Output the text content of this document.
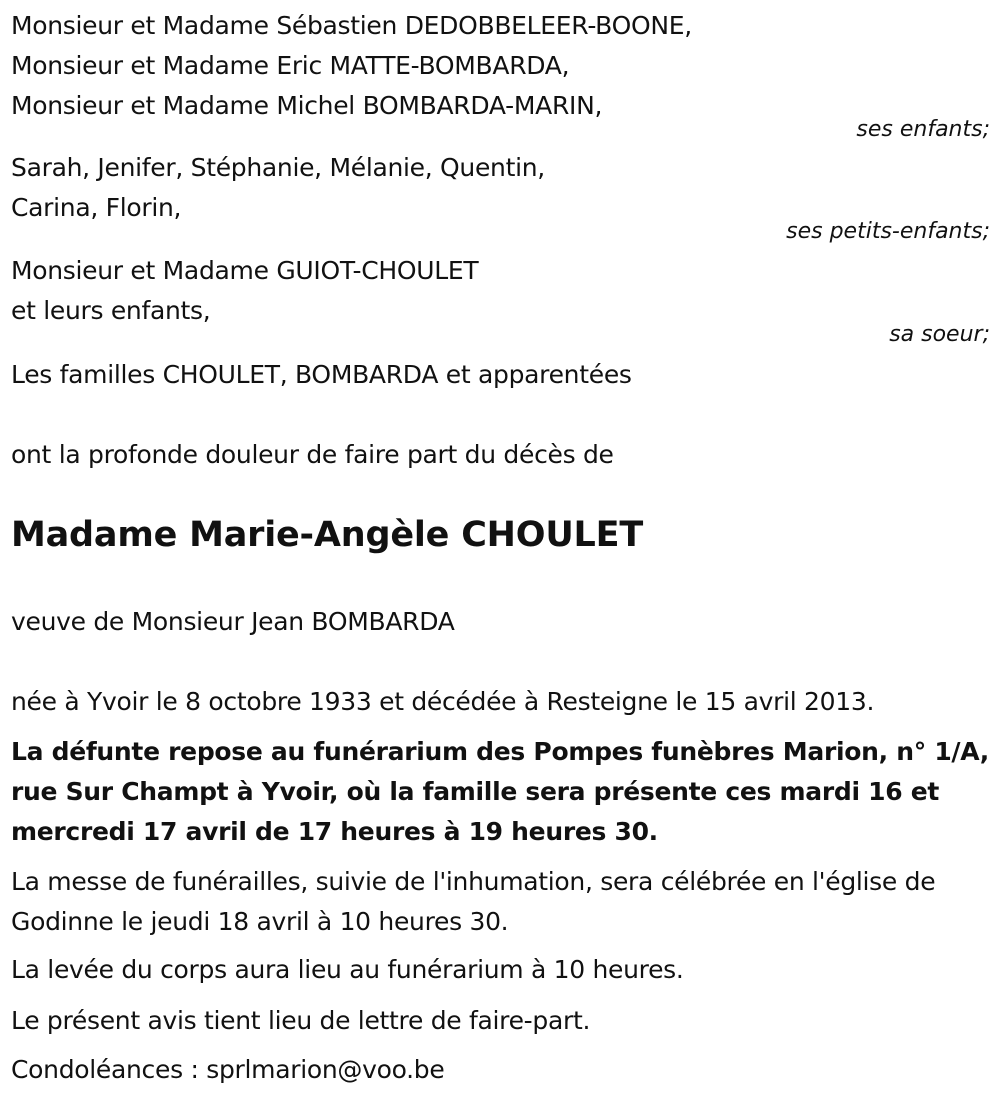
Monsieur et Madame Sébastien DEDOBBELEER-BOONE,
Monsieur et Madame Eric MATTE-BOMBARDA,
Monsieur et Madame Michel BOMBARDA-MARIN,
ses enfants;
Sarah, Jenifer, Stéphanie, Mélanie, Quentin,
Carina, Florin,
ses petits-enfants;
Monsieur et Madame GUIOT-CHOULET
et leurs enfants,
sa soeur;
Les familles CHOULET, BOMBARDA et apparentées
ont la profonde douleur de faire part du décès de
Madame Marie-Angèle CHOULET
veuve de Monsieur Jean BOMBARDA
née à Yvoir le 8 octobre 1933 et décédée à Resteigne le 15 avril 2013.
La défunte repose au funérarium des Pompes funèbres Marion, n° 1/A, rue Sur Champt à Yvoir, où la famille sera présente ces mardi 16 et mercredi 17 avril de 17 heures à 19 heures 30.
La messe de funérailles, suivie de l'inhumation, sera célébrée en l'église de Godinne le jeudi 18 avril à 10 heures 30.
La levée du corps aura lieu au funérarium à 10 heures.
Le présent avis tient lieu de lettre de faire-part.
Condoléances : sprlmarion@voo.be
